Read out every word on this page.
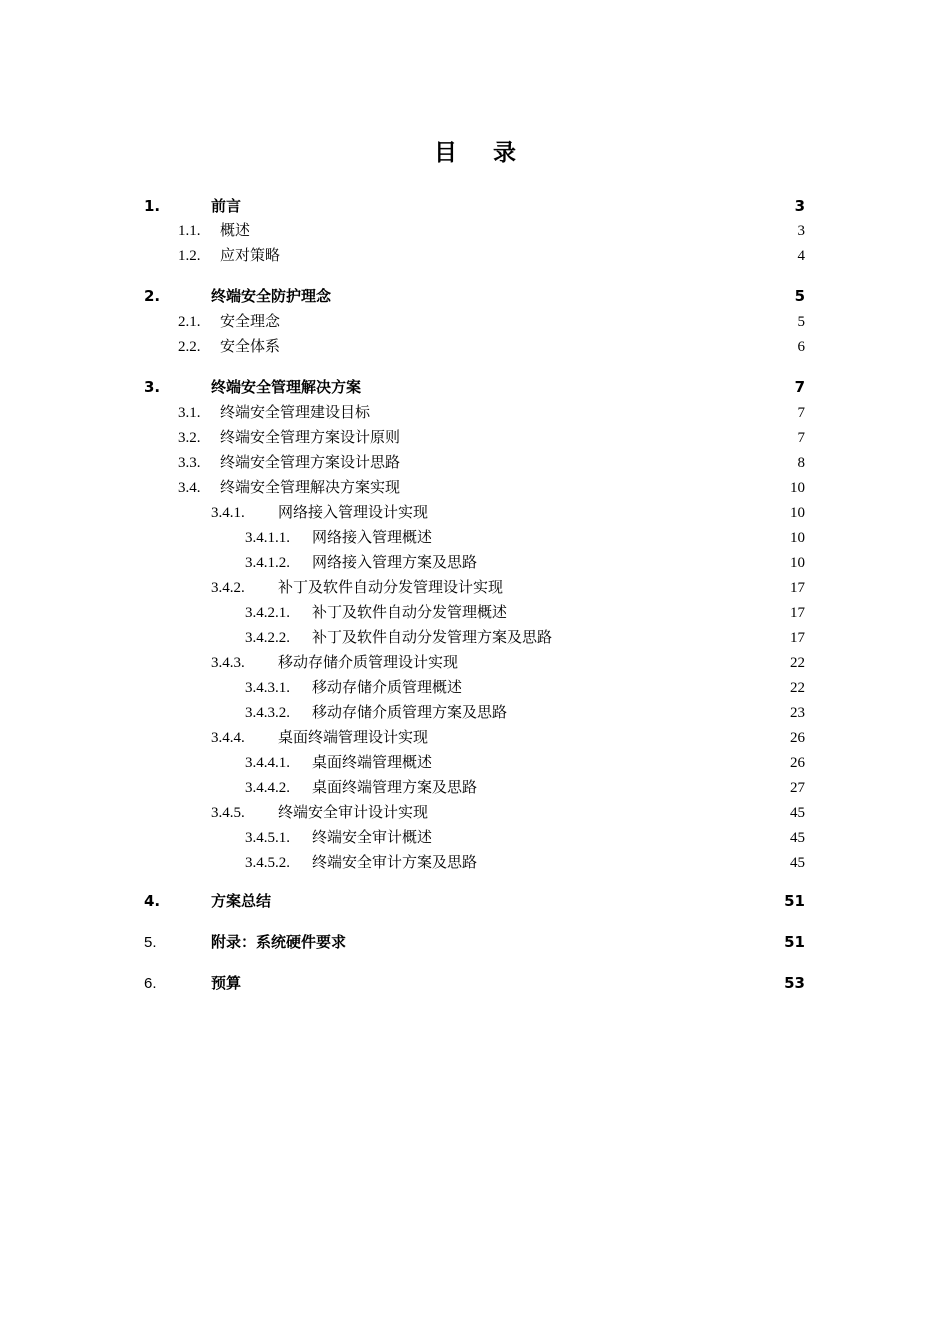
目 录
1.	前言	3
1.1.	概述	3
1.2.	应对策略	4
2.	终端安全防护理念	5
2.1.	安全理念	5
2.2.	安全体系	6
3.	终端安全管理解决方案	7
3.1.	终端安全管理建设目标	7
3.2.	终端安全管理方案设计原则	7
3.3.	终端安全管理方案设计思路	8
3.4.	终端安全管理解决方案实现	10
3.4.1.	网络接入管理设计实现	10
3.4.1.1.	网络接入管理概述	10
3.4.1.2.	网络接入管理方案及思路	10
3.4.2.	补丁及软件自动分发管理设计实现	17
3.4.2.1.	补丁及软件自动分发管理概述	17
3.4.2.2.	补丁及软件自动分发管理方案及思路	17
3.4.3.	移动存储介质管理设计实现	22
3.4.3.1.	移动存储介质管理概述	22
3.4.3.2.	移动存储介质管理方案及思路	23
3.4.4.	桌面终端管理设计实现	26
3.4.4.1.	桌面终端管理概述	26
3.4.4.2.	桌面终端管理方案及思路	27
3.4.5.	终端安全审计设计实现	45
3.4.5.1.	终端安全审计概述	45
3.4.5.2.	终端安全审计方案及思路	45
4.	方案总结	51
5.	附录：系统硬件要求	51
6.	预算	53
